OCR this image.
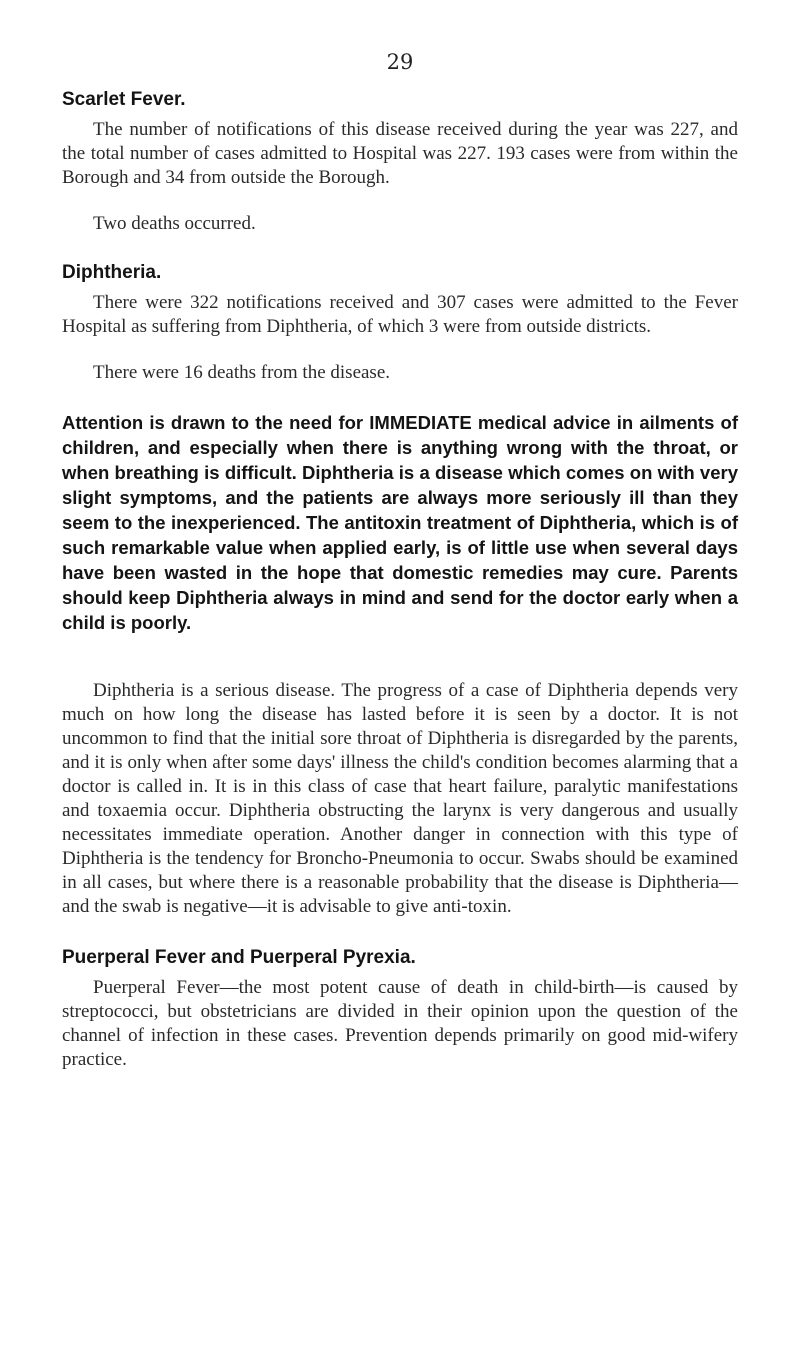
29
Scarlet Fever.

The number of notifications of this disease received during the year was 227, and the total number of cases admitted to Hospital was 227. 193 cases were from within the Borough and 34 from outside the Borough.

Two deaths occurred.

Diphtheria.

There were 322 notifications received and 307 cases were admitted to the Fever Hospital as suffering from Diphtheria, of which 3 were from outside districts.

There were 16 deaths from the disease.

Attention is drawn to the need for IMMEDIATE medical advice in ailments of children, and especially when there is anything wrong with the throat, or when breathing is difficult. Diphtheria is a disease which comes on with very slight symptoms, and the patients are always more seriously ill than they seem to the inexperienced. The antitoxin treatment of Diphtheria, which is of such remarkable value when applied early, is of little use when several days have been wasted in the hope that domestic remedies may cure. Parents should keep Diphtheria always in mind and send for the doctor early when a child is poorly.

Diphtheria is a serious disease. The progress of a case of Diphtheria depends very much on how long the disease has lasted before it is seen by a doctor. It is not uncommon to find that the initial sore throat of Diphtheria is disregarded by the parents, and it is only when after some days' illness the child's condition becomes alarming that a doctor is called in. It is in this class of case that heart failure, paralytic manifestations and toxaemia occur. Diphtheria obstructing the larynx is very dangerous and usually necessitates immediate operation. Another danger in connection with this type of Diphtheria is the tendency for Broncho-Pneumonia to occur. Swabs should be examined in all cases, but where there is a reasonable probability that the disease is Diphtheria—and the swab is negative—it is advisable to give anti-toxin.

Puerperal Fever and Puerperal Pyrexia.

Puerperal Fever—the most potent cause of death in child-birth—is caused by streptococci, but obstetricians are divided in their opinion upon the question of the channel of infection in these cases. Prevention depends primarily on good mid-wifery practice.
